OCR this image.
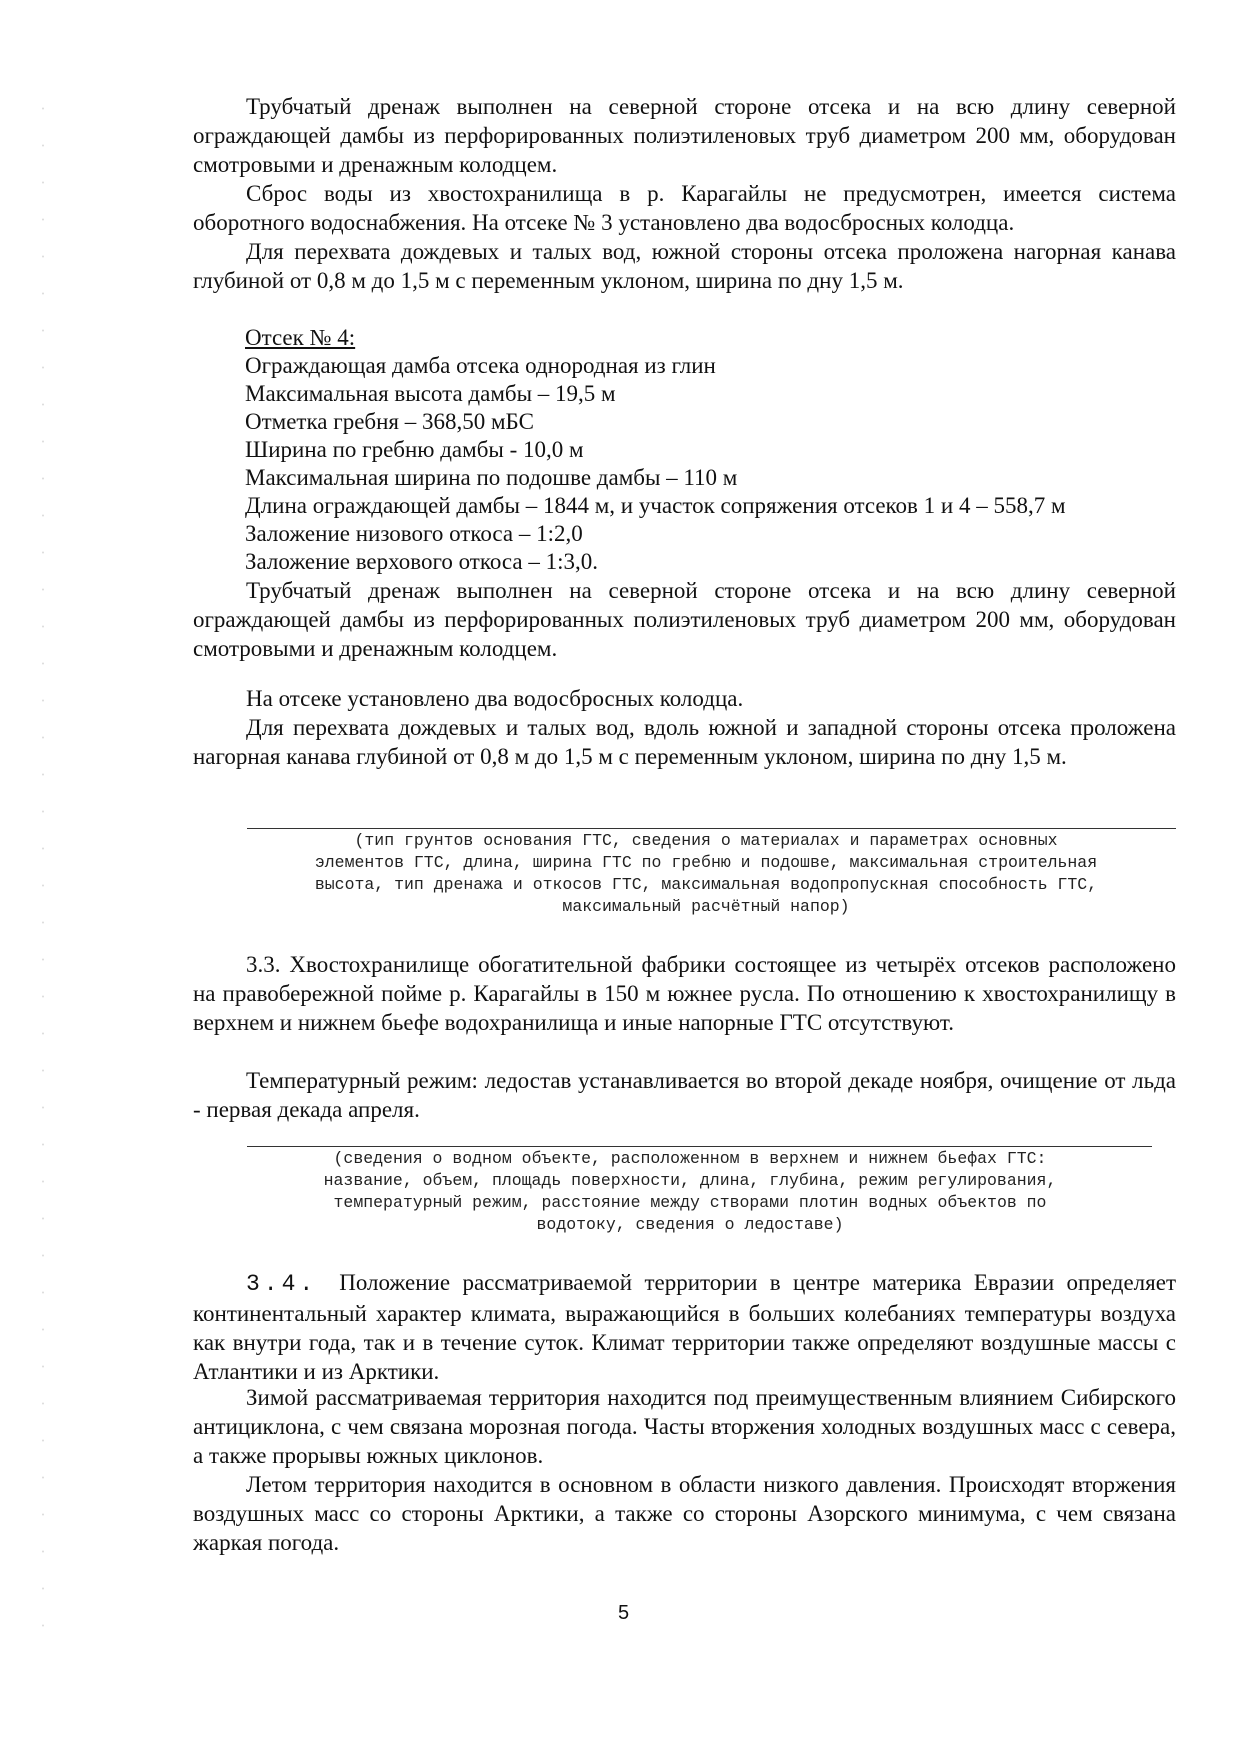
Трубчатый дренаж выполнен на северной стороне отсека и на всю длину северной ограждающей дамбы из перфорированных полиэтиленовых труб диаметром 200 мм, оборудован смотровыми и дренажным колодцем.
Сброс воды из хвостохранилища в р. Карагайлы не предусмотрен, имеется система оборотного водоснабжения. На отсеке № 3 установлено два водосбросных колодца.
Для перехвата дождевых и талых вод, южной стороны отсека проложена нагорная канава глубиной от 0,8 м до 1,5 м с переменным уклоном, ширина по дну 1,5 м.
Отсек № 4:
Ограждающая дамба отсека однородная из глин
Максимальная высота дамбы – 19,5 м
Отметка гребня – 368,50 мБС
Ширина по гребню дамбы - 10,0 м
Максимальная ширина по подошве дамбы – 110 м
Длина ограждающей дамбы – 1844 м, и участок сопряжения отсеков 1 и 4 – 558,7 м
Заложение низового откоса – 1:2,0
Заложение верхового откоса – 1:3,0.
Трубчатый дренаж выполнен на северной стороне отсека и на всю длину северной ограждающей дамбы из перфорированных полиэтиленовых труб диаметром 200 мм, оборудован смотровыми и дренажным колодцем.
На отсеке установлено два водосбросных колодца.
Для перехвата дождевых и талых вод, вдоль южной и западной стороны отсека проложена нагорная канава глубиной от 0,8 м до 1,5 м с переменным уклоном, ширина по дну 1,5 м.
(тип грунтов основания ГТС, сведения о материалах и параметрах основных
элементов ГТС, длина, ширина ГТС по гребню и подошве, максимальная строительная
высота, тип дренажа и откосов ГТС, максимальная водопропускная способность ГТС,
максимальный расчётный напор)
3.3. Хвостохранилище обогатительной фабрики состоящее из четырёх отсеков расположено на правобережной пойме р. Карагайлы в 150 м южнее русла. По отношению к хвостохранилищу в верхнем и нижнем бьефе водохранилища и иные напорные ГТС отсутствуют.
Температурный режим: ледостав устанавливается во второй декаде ноября, очищение от льда - первая декада апреля.
(сведения о водном объекте, расположенном в верхнем и нижнем бьефах ГТС:
название, объем, площадь поверхности, длина, глубина, режим регулирования,
температурный режим, расстояние между створами плотин водных объектов по
водотоку, сведения о ледоставе)
3.4. Положение рассматриваемой территории в центре материка Евразии определяет континентальный характер климата, выражающийся в больших колебаниях температуры воздуха как внутри года, так и в течение суток. Климат территории также определяют воздушные массы с Атлантики и из Арктики.
Зимой рассматриваемая территория находится под преимущественным влиянием Сибирского антициклона, с чем связана морозная погода. Часты вторжения холодных воздушных масс с севера, а также прорывы южных циклонов.
Летом территория находится в основном в области низкого давления. Происходят вторжения воздушных масс со стороны Арктики, а также со стороны Азорского минимума, с чем связана жаркая погода.
5
